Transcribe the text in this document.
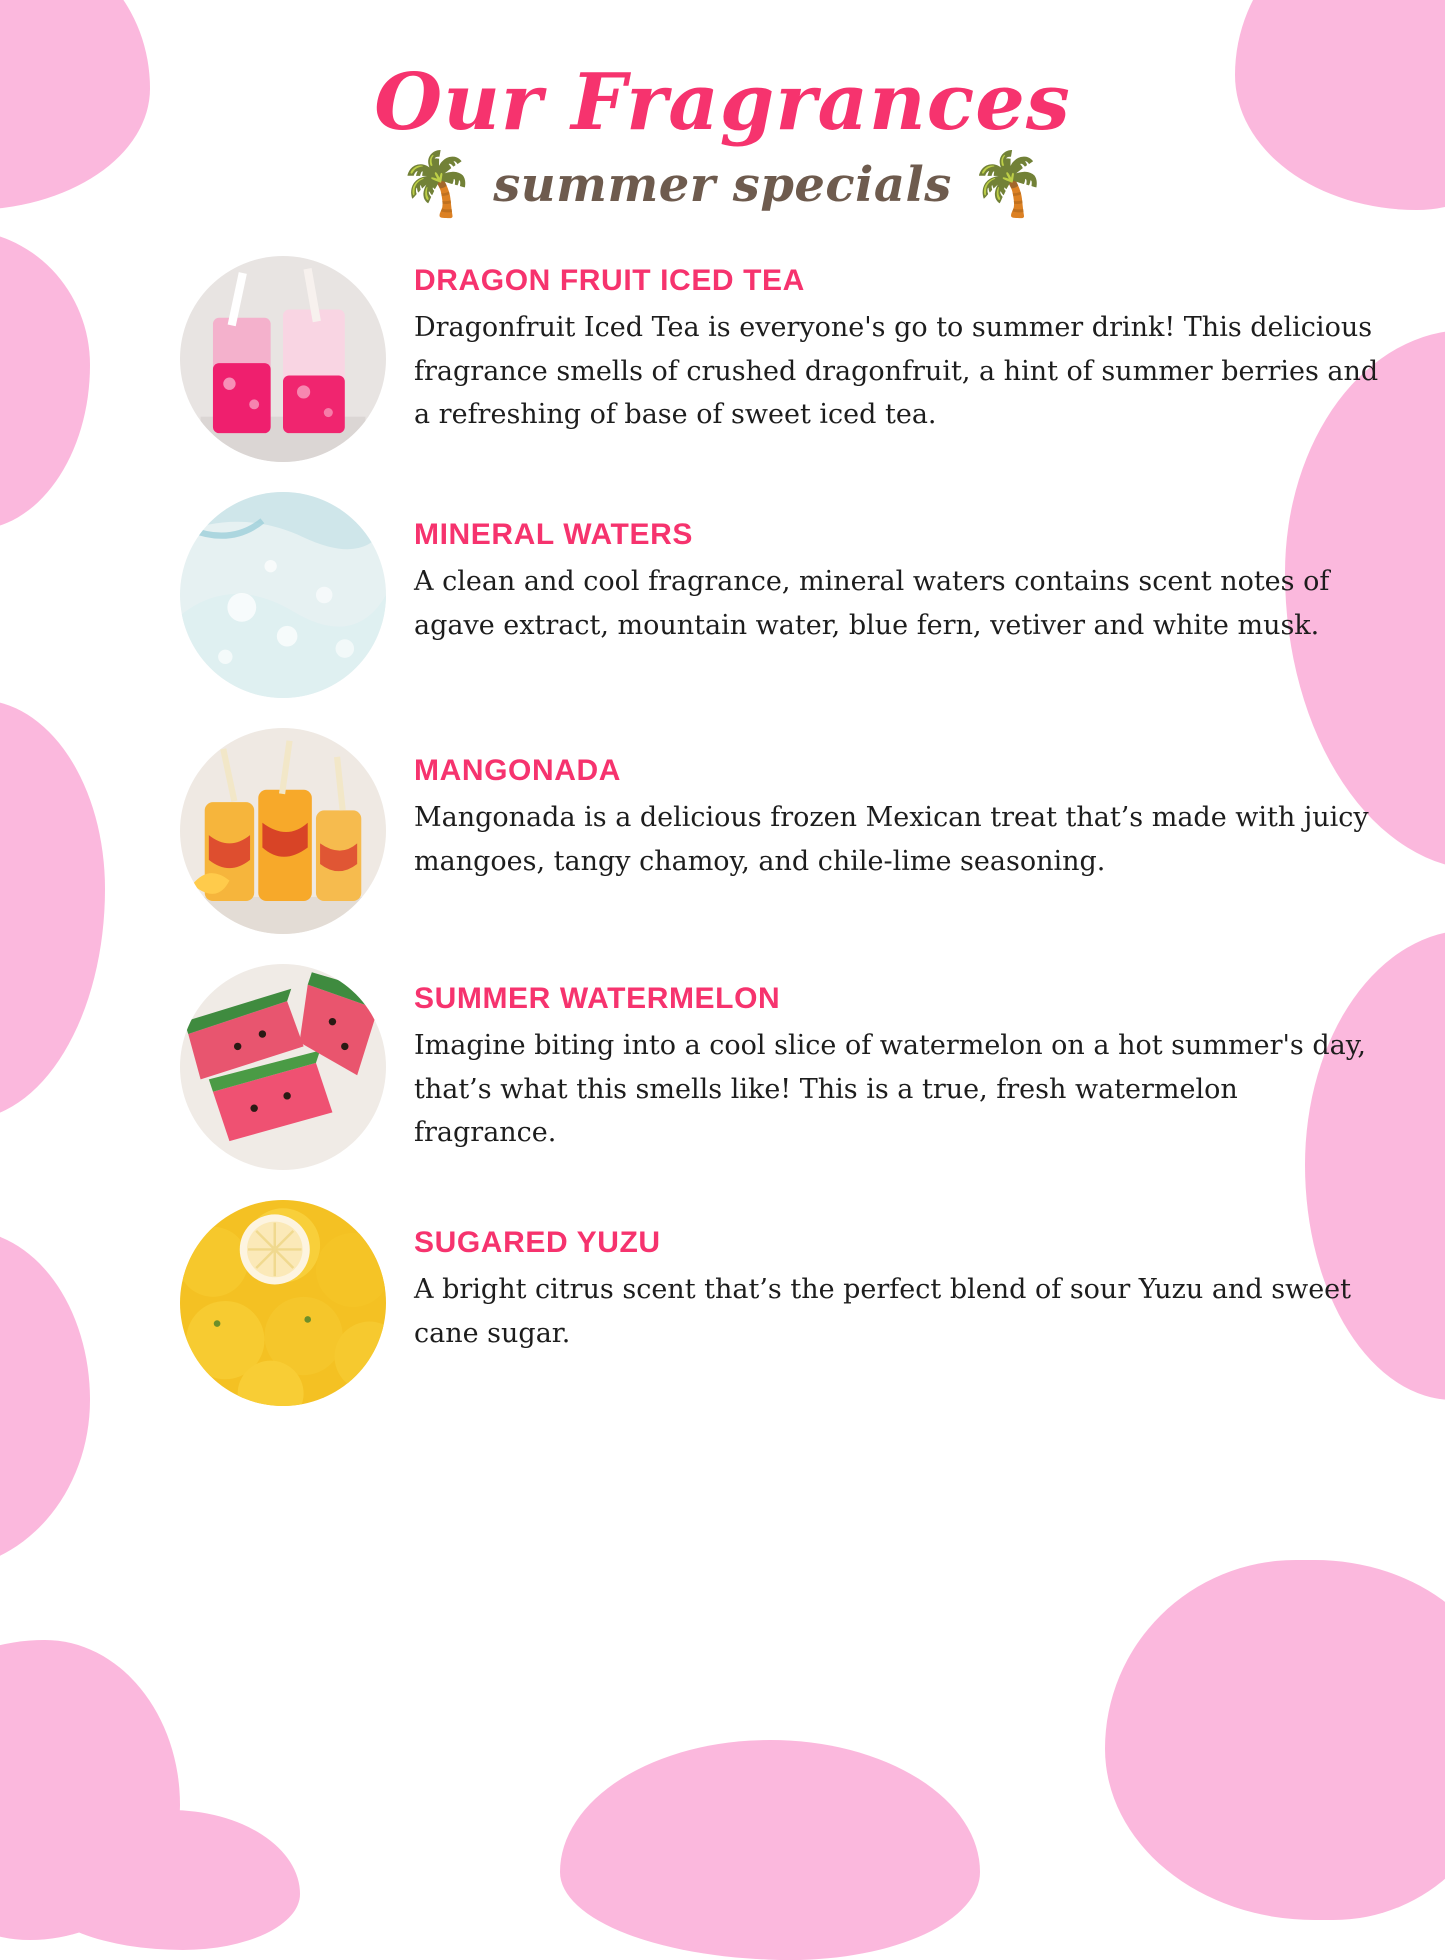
Our Fragrances
🌴 summer specials 🌴
DRAGON FRUIT ICED TEA
Dragonfruit Iced Tea is everyone's go to summer drink! This delicious fragrance smells of crushed dragonfruit, a hint of summer berries and a refreshing of base of sweet iced tea.
MINERAL WATERS
A clean and cool fragrance, mineral waters contains scent notes of agave extract, mountain water, blue fern, vetiver and white musk.
MANGONADA
Mangonada is a delicious frozen Mexican treat that’s made with juicy mangoes, tangy chamoy, and chile-lime seasoning.
SUMMER WATERMELON
Imagine biting into a cool slice of watermelon on a hot summer's day, that’s what this smells like! This is a true, fresh watermelon fragrance.
SUGARED YUZU
A bright citrus scent that’s the perfect blend of sour Yuzu and sweet cane sugar.
